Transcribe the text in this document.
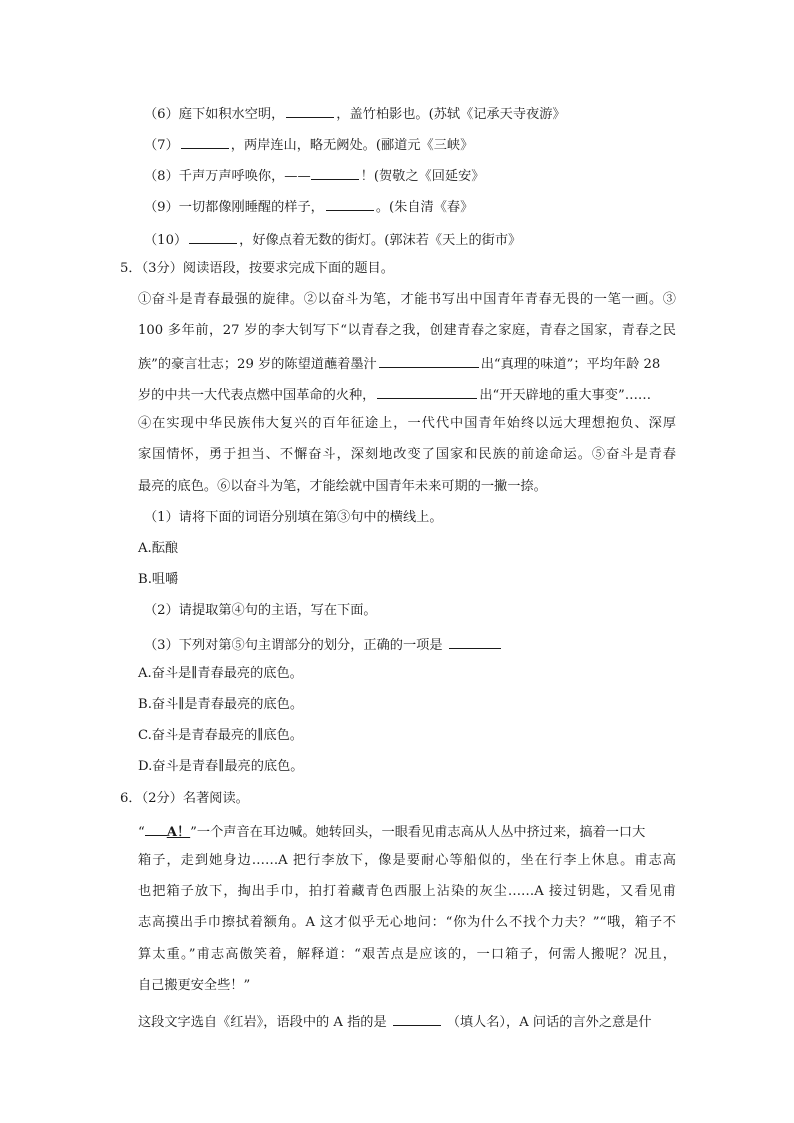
（6）庭下如积水空明，	，盖竹柏影也。(苏轼《记承天寺夜游》
（7）	，两岸连山，略无阙处。(郦道元《三峡》
（8）千声万声呼唤你，——	！(贺敬之《回延安》
（9）一切都像刚睡醒的样子，	。(朱自清《春》
（10）	，好像点着无数的街灯。(郭沫若《天上的街市》
5．（3分）阅读语段，按要求完成下面的题目。
①奋斗是青春最强的旋律。②以奋斗为笔，才能书写出中国青年青春无畏的一笔一画。③
100 多年前，27 岁的李大钊写下“以青春之我，创建青春之家庭，青春之国家，青春之民
族”的豪言壮志；29 岁的陈望道蘸着墨汁	出“真理的味道”；平均年龄 28
岁的中共一大代表点燃中国革命的火种，	出“开天辟地的重大事变”……
④在实现中华民族伟大复兴的百年征途上，一代代中国青年始终以远大理想抱负、深厚
家国情怀，勇于担当、不懈奋斗，深刻地改变了国家和民族的前途命运。⑤奋斗是青春
最亮的底色。⑥以奋斗为笔，才能绘就中国青年未来可期的一撇一捺。
（1）请将下面的词语分别填在第③句中的横线上。
A.酝酿
B.咀嚼
（2）请提取第④句的主语，写在下面。
（3）下列对第⑤句主谓部分的划分，正确的一项是
A.奋斗是∥青春最亮的底色。
B.奋斗∥是青春最亮的底色。
C.奋斗是青春最亮的∥底色。
D.奋斗是青春∥最亮的底色。
6．（2分）名著阅读。
“ A！”一个声音在耳边喊。她转回头，一眼看见甫志高从人丛中挤过来，搞着一口大
箱子，走到她身边……A 把行李放下，像是要耐心等船似的，坐在行李上休息。甫志高
也把箱子放下，掏出手巾，拍打着藏青色西服上沾染的灰尘……A 接过钥匙，又看见甫
志高摸出手巾擦拭着额角。A 这才似乎无心地问：“你为什么不找个力夫？”“哦，箱子不
算太重。”甫志高傲笑着，解释道：“艰苦点是应该的，一口箱子，何需人搬呢？况且，
自己搬更安全些！”
这段文字选自《红岩》，语段中的 A 指的是	（填人名），A 问话的言外之意是什
